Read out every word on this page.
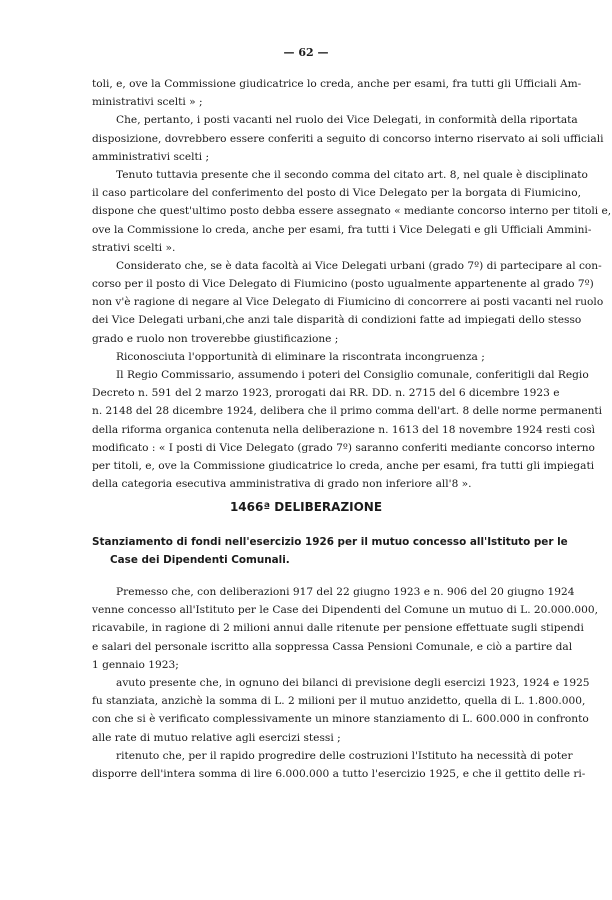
— 62 —
toli, e, ove la Commissione giudicatrice lo creda, anche per esami, fra tutti gli Ufficiali Am-
ministrativi scelti » ;
Che, pertanto, i posti vacanti nel ruolo dei Vice Delegati, in conformità della riportata
disposizione, dovrebbero essere conferiti a seguito di concorso interno riservato ai soli ufficiali
amministrativi scelti ;
Tenuto tuttavia presente che il secondo comma del citato art. 8, nel quale è disciplinato
il caso particolare del conferimento del posto di Vice Delegato per la borgata di Fiumicino,
dispone che quest'ultimo posto debba essere assegnato « mediante concorso interno per titoli e,
ove la Commissione lo creda, anche per esami, fra tutti i Vice Delegati e gli Ufficiali Ammini-
strativi scelti ».
Considerato che, se è data facoltà ai Vice Delegati urbani (grado 7º) di partecipare al con-
corso per il posto di Vice Delegato di Fiumicino (posto ugualmente appartenente al grado 7º)
non v'è ragione di negare al Vice Delegato di Fiumicino di concorrere ai posti vacanti nel ruolo
dei Vice Delegati urbani,che anzi tale disparità di condizioni fatte ad impiegati dello stesso
grado e ruolo non troverebbe giustificazione ;
Riconosciuta l'opportunità di eliminare la riscontrata incongruenza ;
Il Regio Commissario, assumendo i poteri del Consiglio comunale, conferitigli dal Regio
Decreto n. 591 del 2 marzo 1923, prorogati dai RR. DD. n. 2715 del 6 dicembre 1923 e
n. 2148 del 28 dicembre 1924, delibera che il primo comma dell'art. 8 delle norme permanenti
della riforma organica contenuta nella deliberazione n. 1613 del 18 novembre 1924 resti così
modificato : « I posti di Vice Delegato (grado 7º) saranno conferiti mediante concorso interno
per titoli, e, ove la Commissione giudicatrice lo creda, anche per esami, fra tutti gli impiegati
della categoria esecutiva amministrativa di grado non inferiore all'8 ».
1466ª DELIBERAZIONE
Stanziamento di fondi nell'esercizio 1926 per il mutuo concesso all'Istituto per le
Case dei Dipendenti Comunali.
Premesso che, con deliberazioni 917 del 22 giugno 1923 e n. 906 del 20 giugno 1924
venne concesso all'Istituto per le Case dei Dipendenti del Comune un mutuo di L. 20.000.000,
ricavabile, in ragione di 2 milioni annui dalle ritenute per pensione effettuate sugli stipendi
e salari del personale iscritto alla soppressa Cassa Pensioni Comunale, e ciò a partire dal
1 gennaio 1923;
avuto presente che, in ognuno dei bilanci di previsione degli esercizi 1923, 1924 e 1925
fu stanziata, anzichè la somma di L. 2 milioni per il mutuo anzidetto, quella di L. 1.800.000,
con che si è verificato complessivamente un minore stanziamento di L. 600.000 in confronto
alle rate di mutuo relative agli esercizi stessi ;
ritenuto che, per il rapido progredire delle costruzioni l'Istituto ha necessità di poter
disporre dell'intera somma di lire 6.000.000 a tutto l'esercizio 1925, e che il gettito delle ri-
